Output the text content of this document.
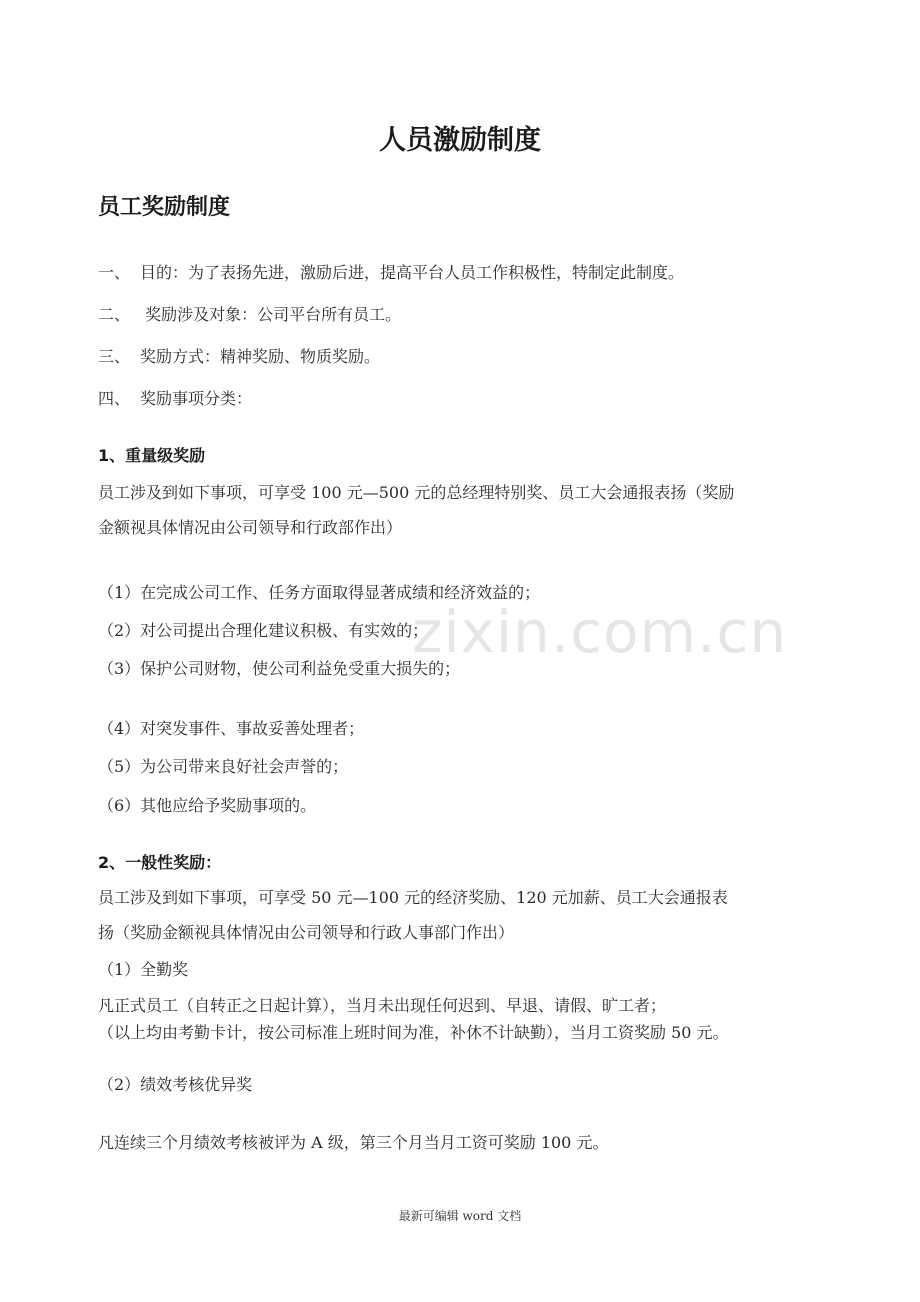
zixin.com.cn
人员激励制度
员工奖励制度
一、 目的：为了表扬先进，激励后进，提高平台人员工作积极性，特制定此制度。
二、 奖励涉及对象：公司平台所有员工。
三、 奖励方式：精神奖励、物质奖励。
四、 奖励事项分类：
1、重量级奖励
员工涉及到如下事项，可享受 100 元—500 元的总经理特别奖、员工大会通报表扬（奖励
金额视具体情况由公司领导和行政部作出）
（1）在完成公司工作、任务方面取得显著成绩和经济效益的；
（2）对公司提出合理化建议积极、有实效的；
（3）保护公司财物，使公司利益免受重大损失的；
（4）对突发事件、事故妥善处理者；
（5）为公司带来良好社会声誉的；
（6）其他应给予奖励事项的。
2、一般性奖励：
员工涉及到如下事项，可享受 50 元—100 元的经济奖励、120 元加薪、员工大会通报表
扬（奖励金额视具体情况由公司领导和行政人事部门作出）
（1）全勤奖
凡正式员工（自转正之日起计算），当月未出现任何迟到、早退、请假、旷工者；
（以上均由考勤卡计，按公司标准上班时间为准，补休不计缺勤），当月工资奖励 50 元。
（2）绩效考核优异奖
凡连续三个月绩效考核被评为 A 级，第三个月当月工资可奖励 100 元。
最新可编辑 word 文档
